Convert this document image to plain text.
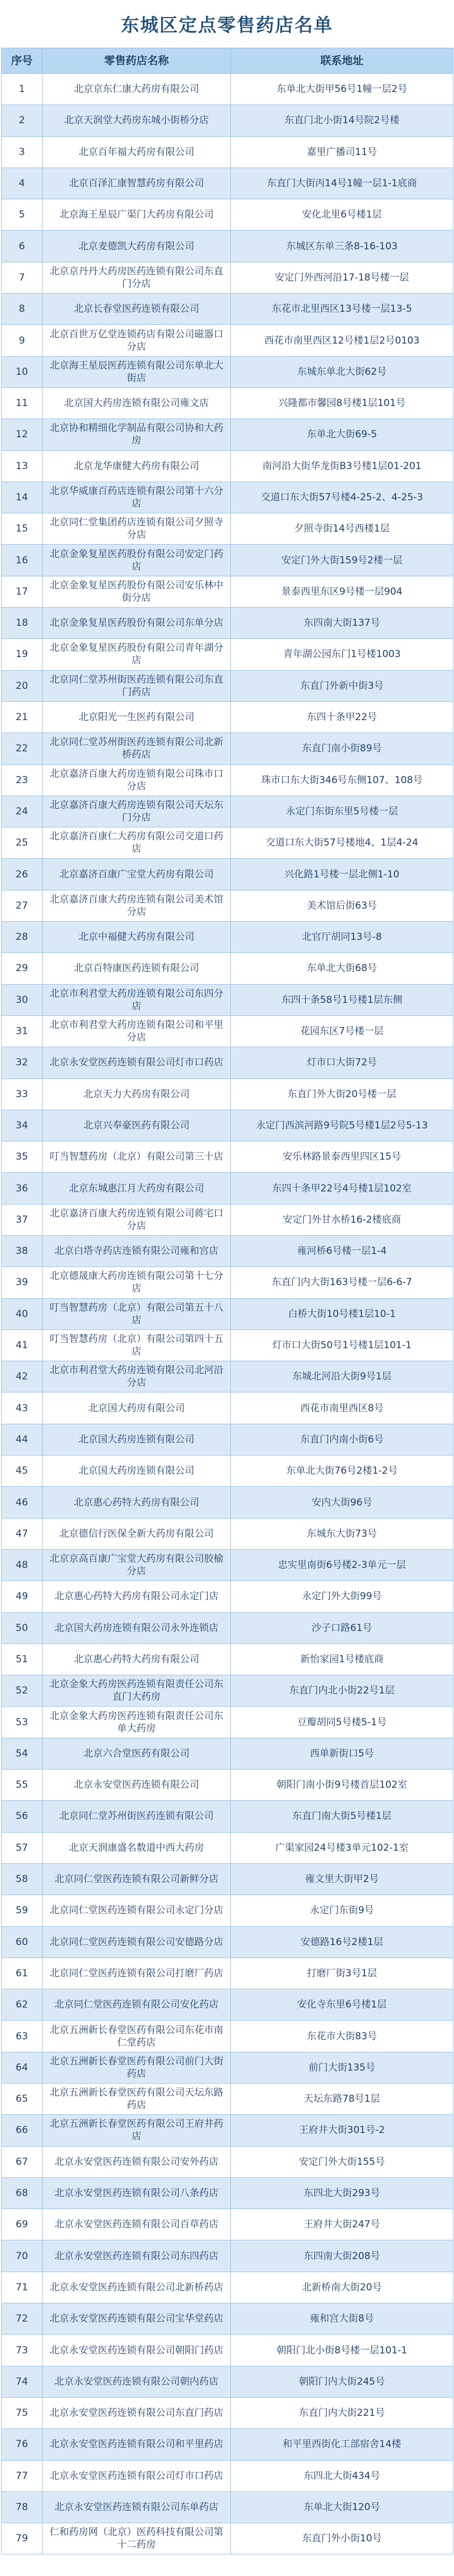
东城区定点零售药店名单
序号	零售药店名称	联系地址
1	北京京东仁康大药房有限公司	东单北大街甲56号1幢一层2号
2	北京天润堂大药房东城小街桥分店	东直门北小街14号院2号楼
3	北京百年福大药房有限公司	嘉里广播司11号
4	北京百泽汇康智慧药房有限公司	东直门大街丙14号1幢一层1-1底商
5	北京海王星辰广渠门大药房有限公司	安化北里6号楼1层
6	北京麦德凯大药房有限公司	东城区东单三条8-16-103
7	北京京丹丹大药房医药连锁有限公司东直门分店	安定门外西河沿17-18号楼一层
8	北京长春堂医药连锁有限公司	东花市北里西区13号楼一层13-5
9	北京百世万亿堂连锁药店有限公司磁器口分店	西花市南里西区12号楼1层2号0103
10	北京海王星辰医药连锁有限公司东单北大街店	东城东单北大街62号
11	北京国大药房连锁有限公司雍文店	兴隆都市馨园8号楼1层101号
12	北京协和精细化学制品有限公司协和大药房	东单北大街69-5
13	北京龙华康健大药房有限公司	南河沿大街华龙街B3号楼1层01-201
14	北京华威康百药店连锁有限公司第十六分店	交道口东大街57号楼4-25-2、4-25-3
15	北京同仁堂集团药店连锁有限公司夕照寺分店	夕照寺街14号西楼1层
16	北京金象复星医药股份有限公司安定门药店	安定门外大街159号2楼一层
17	北京金象复星医药股份有限公司安乐林中街分店	景泰西里东区9号楼一层904
18	北京金象复星医药股份有限公司东单分店	东四南大街137号
19	北京金象复星医药股份有限公司青年湖分店	青年湖公园东门1号楼1003
20	北京同仁堂苏州街医药连锁有限公司东直门药店	东直门外新中街3号
21	北京阳光一生医药有限公司	东四十条甲22号
22	北京同仁堂苏州街医药连锁有限公司北新桥药店	东直门南小街89号
23	北京嘉济百康大药房连锁有限公司珠市口分店	珠市口东大街346号东侧107、108号
24	北京嘉济百康大药房连锁有限公司天坛东门分店	永定门东街东里5号楼一层
25	北京嘉济百康仁大药房有限公司交道口药店	交道口东大街57号楼地4、1层4-24
26	北京嘉济百康广宝堂大药房有限公司	兴化路1号楼一层北侧1-10
27	北京嘉济百康大药房连锁有限公司美术馆分店	美术馆后街63号
28	北京中福健大药房有限公司	北官厅胡同13号-8
29	北京百特康医药连锁有限公司	东单北大街68号
30	北京市利君堂大药房连锁有限公司东四分店	东四十条58号1号楼1层东侧
31	北京市利君堂大药房连锁有限公司和平里分店	花园东区7号楼一层
32	北京永安堂医药连锁有限公司灯市口药店	灯市口大街72号
33	北京天力大药房有限公司	东直门外大街20号楼一层
34	北京兴奉豪医药有限公司	永定门西滨河路9号院5号楼1层2号5-13
35	叮当智慧药房（北京）有限公司第三十店	安乐林路景泰西里四区15号
36	北京东城惠江月大药房有限公司	东四十条甲22号4号楼1层102室
37	北京嘉济百康大药房连锁有限公司蒋宅口分店	安定门外甘水桥16-2楼底商
38	北京白塔寺药店连锁有限公司雍和宫店	雍河桥6号楼一层1-4
39	北京德晟康大药房连锁有限公司第十七分店	东直门内大街163号楼一层6-6-7
40	叮当智慧药房（北京）有限公司第五十八店	白桥大街10号楼1层10-1
41	叮当智慧药房（北京）有限公司第四十五店	灯市口大街50号1号楼1层101-1
42	北京市利君堂大药房连锁有限公司北河沿分店	东城北河沿大街9号1层
43	北京国大药房有限公司	西花市南里西区8号
44	北京国大药房连锁有限公司	东直门内南小街6号
45	北京国大药房连锁有限公司	东单北大街76号2楼1-2号
46	北京惠心药特大药房有限公司	安内大街96号
47	北京德信行医保全新大药房有限公司	东城东大街73号
48	北京京高百康广宝堂大药房有限公司胶榆分店	忠实里南街6号楼2-3单元一层
49	北京惠心药特大药房有限公司永定门店	永定门外大街99号
50	北京国大药房连锁有限公司永外连锁店	沙子口路61号
51	北京惠心药特大药房有限公司	新怡家园1号楼底商
52	北京金象大药房医药连锁有限责任公司东直门大药房	东直门内北小街22号1层
53	北京金象大药房医药连锁有限责任公司东单大药房	豆瓣胡同5号楼5-1号
54	北京六合堂医药有限公司	西单新街口5号
55	北京永安堂医药连锁有限公司	朝阳门南小街9号楼首层102室
56	北京同仁堂苏州街医药连锁有限公司	东直门南大街5号楼1层
57	北京天润康盛名数道中西大药房	广渠家园24号楼3单元102-1室
58	北京同仁堂医药连锁有限公司新鲜分店	雍文里大街甲2号
59	北京同仁堂医药连锁有限公司永定门分店	永定门东街9号
60	北京同仁堂医药连锁有限公司安德路分店	安德路16号2楼1层
61	北京同仁堂医药连锁有限公司打磨厂药店	打磨厂街3号1层
62	北京同仁堂医药连锁有限公司安化药店	安化寺东里6号楼1层
63	北京五洲新长春堂医药有限公司东花市南仁堂药店	东花市大街83号
64	北京五洲新长春堂医药有限公司前门大街药店	前门大街135号
65	北京五洲新长春堂医药有限公司天坛东路药店	天坛东路78号1层
66	北京五洲新长春堂医药有限公司王府井药店	王府井大街301号-2
67	北京永安堂医药连锁有限公司安外药店	安定门外大街155号
68	北京永安堂医药连锁有限公司八条药店	东四北大街293号
69	北京永安堂医药连锁有限公司百草药店	王府井大街247号
70	北京永安堂医药连锁有限公司东四药店	东四南大街208号
71	北京永安堂医药连锁有限公司北新桥药店	北新桥南大街20号
72	北京永安堂医药连锁有限公司宝华堂药店	雍和宫大街8号
73	北京永安堂医药连锁有限公司朝阳门药店	朝阳门北小街8号楼一层101-1
74	北京永安堂医药连锁有限公司朝内药店	朝阳门内大街245号
75	北京永安堂医药连锁有限公司东直门药店	东直门内大街221号
76	北京永安堂医药连锁有限公司和平里药店	和平里西街化工部宿舍14楼
77	北京永安堂医药连锁有限公司灯市口药店	东四北大街434号
78	北京永安堂医药连锁有限公司东单药店	东单北大街120号
79	仁和药房网（北京）医药科技有限公司第十二药房	东直门外小街10号
